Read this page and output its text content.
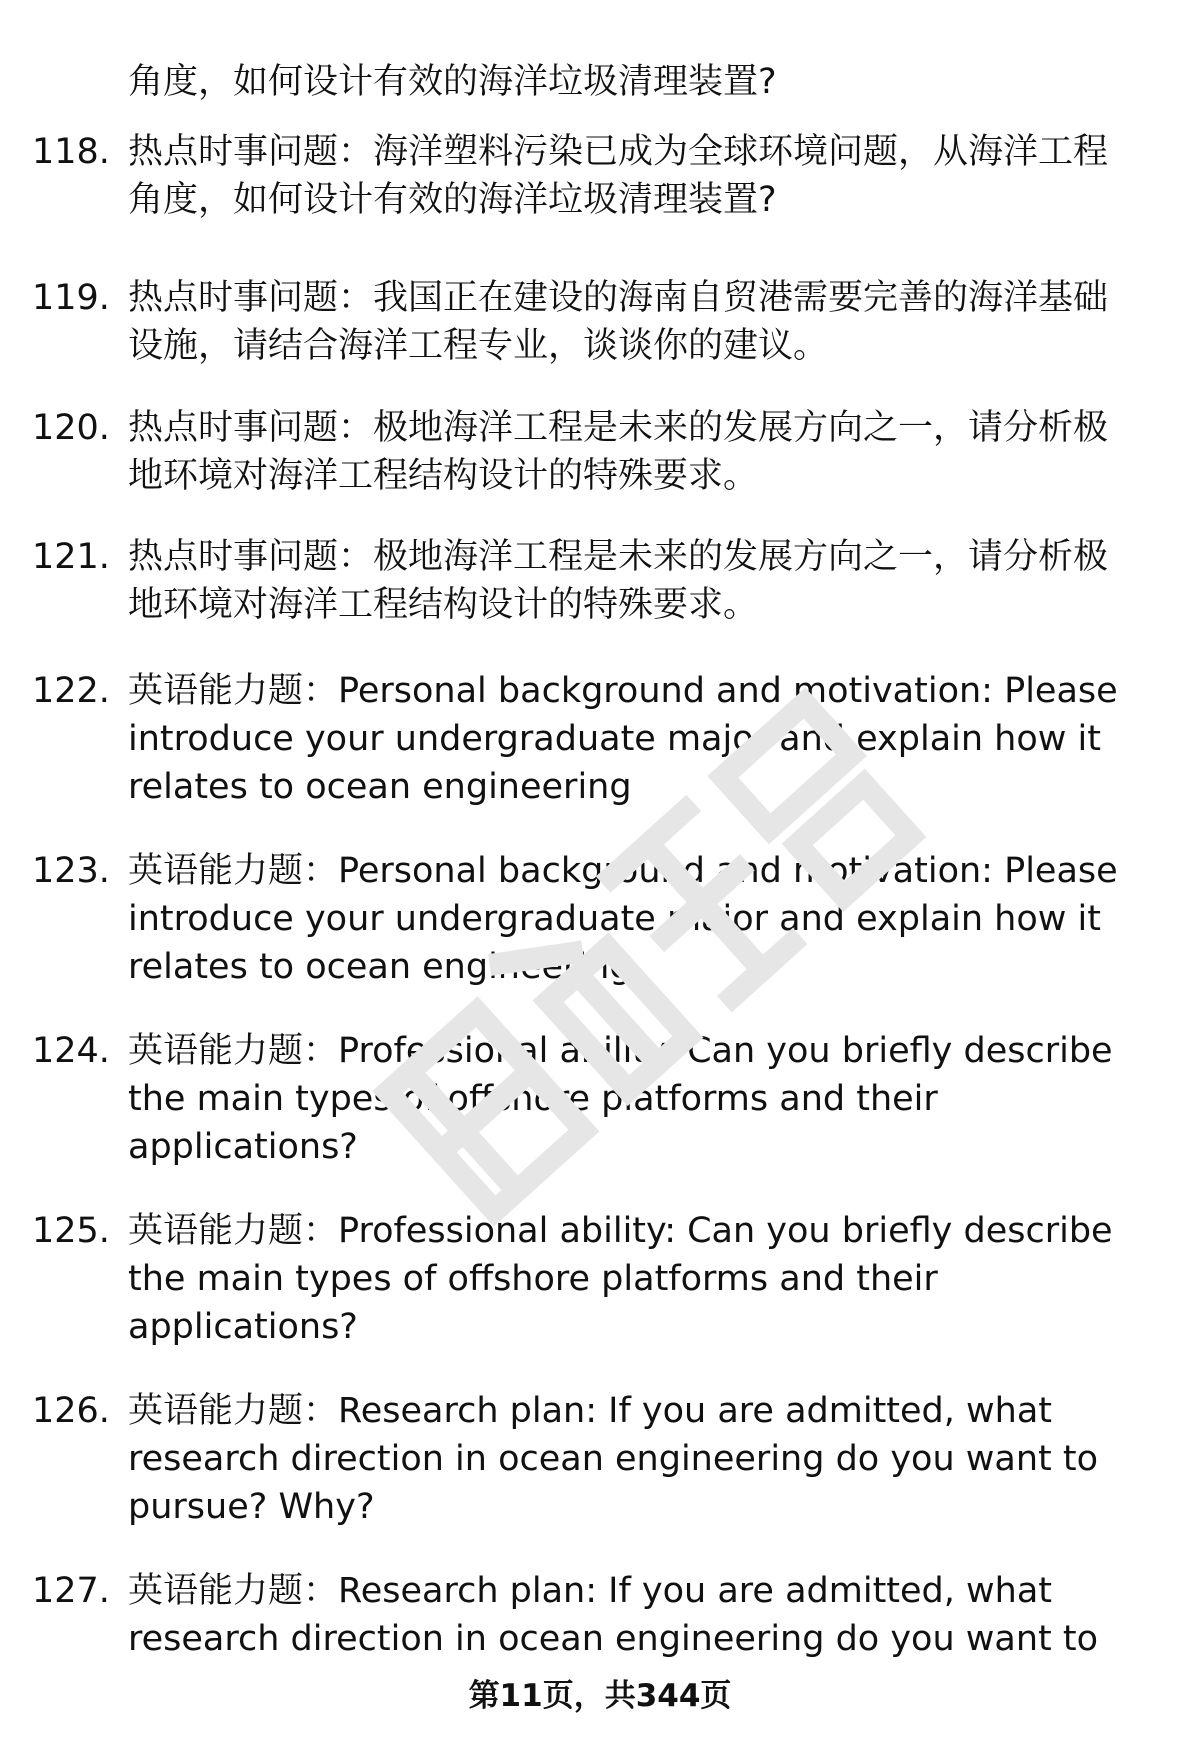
角度，如何设计有效的海洋垃圾清理装置?
118. 热点时事问题：海洋塑料污染已成为全球环境问题，从海洋工程
角度，如何设计有效的海洋垃圾清理装置?
119. 热点时事问题：我国正在建设的海南自贸港需要完善的海洋基础
设施，请结合海洋工程专业，谈谈你的建议。
120. 热点时事问题：极地海洋工程是未来的发展方向之一，请分析极
地环境对海洋工程结构设计的特殊要求。
121. 热点时事问题：极地海洋工程是未来的发展方向之一，请分析极
地环境对海洋工程结构设计的特殊要求。
122. 英语能力题：Personal background and motivation: Please
introduce your undergraduate major and explain how it
relates to ocean engineering
123. 英语能力题：Personal background and motivation: Please
introduce your undergraduate major and explain how it
relates to ocean engineering
124. 英语能力题：Professional ability: Can you briefly describe
the main types of offshore platforms and their
applications?
125. 英语能力题：Professional ability: Can you briefly describe
the main types of offshore platforms and their
applications?
126. 英语能力题：Research plan: If you are admitted, what
research direction in ocean engineering do you want to
pursue? Why?
127. 英语能力题：Research plan: If you are admitted, what
research direction in ocean engineering do you want to
第11页，共344页
